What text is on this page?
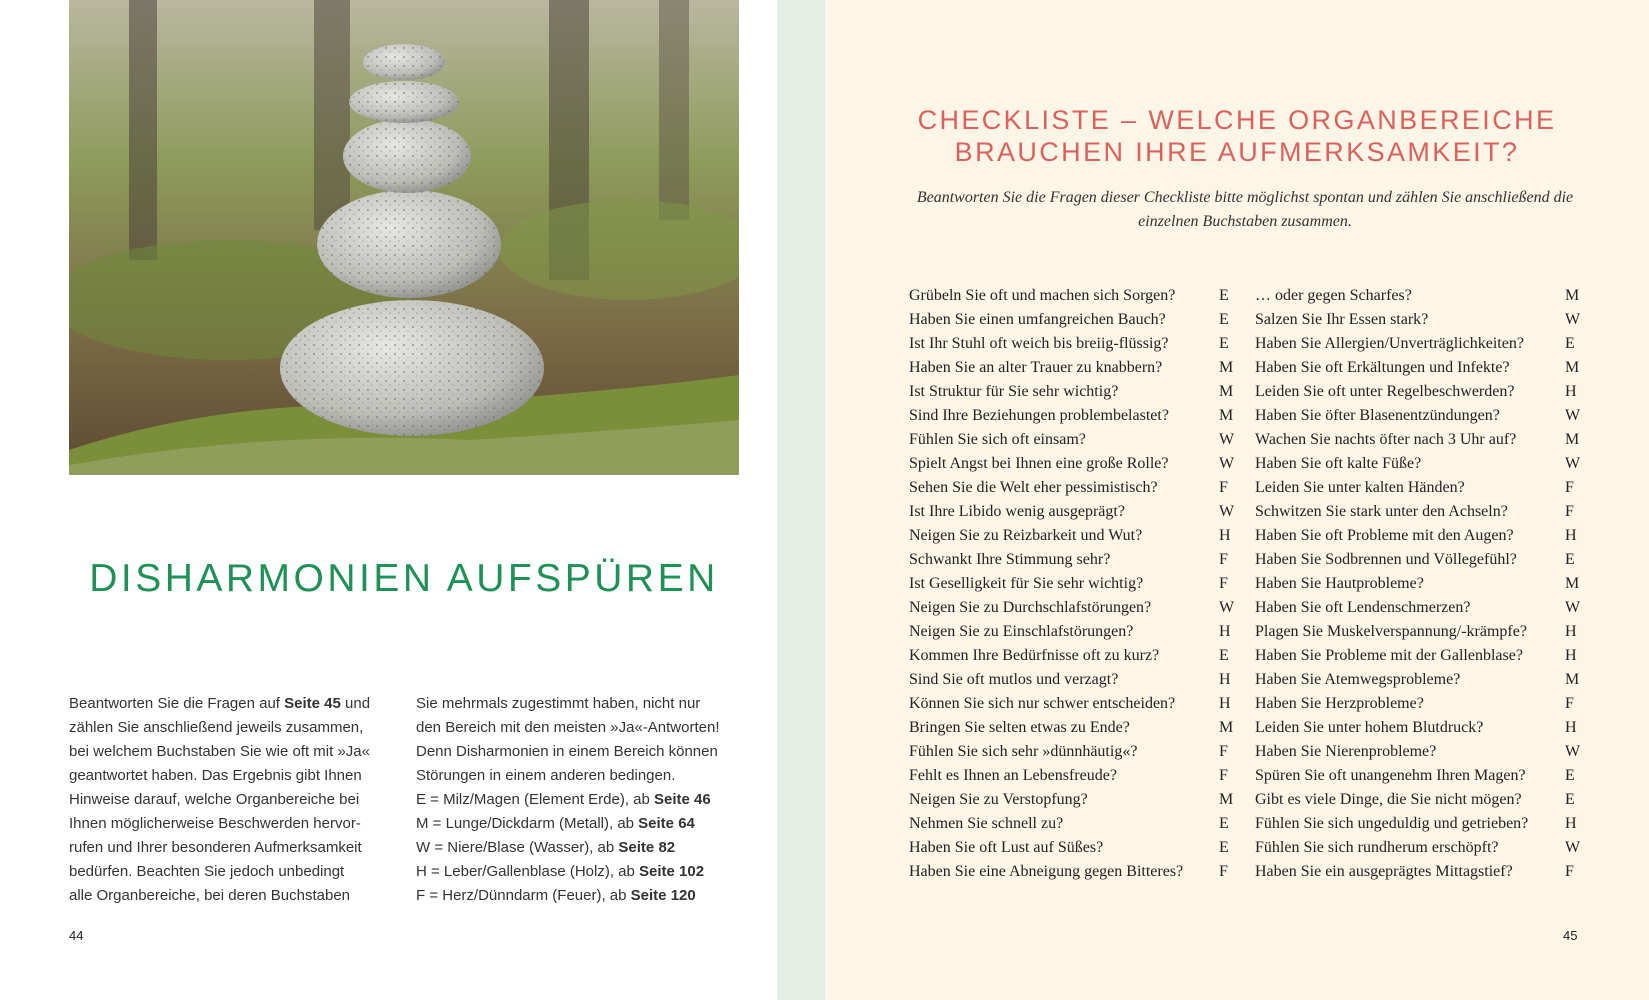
DISHARMONIEN AUFSPÜREN
Beantworten Sie die Fragen auf Seite 45 und
zählen Sie anschließend jeweils zusammen,
bei welchem Buchstaben Sie wie oft mit »Ja«
geantwortet haben. Das Ergebnis gibt Ihnen
Hinweise darauf, welche Organbereiche bei
Ihnen möglicherweise Beschwerden hervor-
rufen und Ihrer besonderen Aufmerksamkeit
bedürfen. Beachten Sie jedoch unbedingt
alle Organbereiche, bei deren Buchstaben
Sie mehrmals zugestimmt haben, nicht nur
den Bereich mit den meisten »Ja«-Antworten!
Denn Disharmonien in einem Bereich können
Störungen in einem anderen bedingen.
E = Milz/Magen (Element Erde), ab Seite 46
M = Lunge/Dickdarm (Metall), ab Seite 64
W = Niere/Blase (Wasser), ab Seite 82
H = Leber/Gallenblase (Holz), ab Seite 102
F = Herz/Dünndarm (Feuer), ab Seite 120
44
CHECKLISTE – WELCHE ORGANBEREICHE
BRAUCHEN IHRE AUFMERKSAMKEIT?

Beantworten Sie die Fragen dieser Checkliste bitte möglichst spontan und zählen Sie anschließend die einzelnen Buchstaben zusammen.

Grübeln Sie oft und machen sich Sorgen?	E
Haben Sie einen umfangreichen Bauch?	E
Ist Ihr Stuhl oft weich bis breiig-flüssig?	E
Haben Sie an alter Trauer zu knabbern?	M
Ist Struktur für Sie sehr wichtig?	M
Sind Ihre Beziehungen problembelastet?	M
Fühlen Sie sich oft einsam?	W
Spielt Angst bei Ihnen eine große Rolle?	W
Sehen Sie die Welt eher pessimistisch?	F
Ist Ihre Libido wenig ausgeprägt?	W
Neigen Sie zu Reizbarkeit und Wut?	H
Schwankt Ihre Stimmung sehr?	F
Ist Geselligkeit für Sie sehr wichtig?	F
Neigen Sie zu Durchschlafstörungen?	W
Neigen Sie zu Einschlafstörungen?	H
Kommen Ihre Bedürfnisse oft zu kurz?	E
Sind Sie oft mutlos und verzagt?	H
Können Sie sich nur schwer entscheiden?	H
Bringen Sie selten etwas zu Ende?	M
Fühlen Sie sich sehr »dünnhäutig«?	F
Fehlt es Ihnen an Lebensfreude?	F
Neigen Sie zu Verstopfung?	M
Nehmen Sie schnell zu?	E
Haben Sie oft Lust auf Süßes?	E
Haben Sie eine Abneigung gegen Bitteres? F
… oder gegen Scharfes?	M
Salzen Sie Ihr Essen stark?	W
Haben Sie Allergien/Unverträglichkeiten?	E
Haben Sie oft Erkältungen und Infekte?	M
Leiden Sie oft unter Regelbeschwerden?	H
Haben Sie öfter Blasenentzündungen?	W
Wachen Sie nachts öfter nach 3 Uhr auf?	M
Haben Sie oft kalte Füße?	W
Leiden Sie unter kalten Händen?	F
Schwitzen Sie stark unter den Achseln?	F
Haben Sie oft Probleme mit den Augen?	H
Haben Sie Sodbrennen und Völlegefühl?	E
Haben Sie Hautprobleme?	M
Haben Sie oft Lendenschmerzen?	W
Plagen Sie Muskelverspannung/-krämpfe? H
Haben Sie Probleme mit der Gallenblase?	H
Haben Sie Atemwegsprobleme?	M
Haben Sie Herzprobleme?	F
Leiden Sie unter hohem Blutdruck?	H
Haben Sie Nierenprobleme?	W
Spüren Sie oft unangenehm Ihren Magen? E
Gibt es viele Dinge, die Sie nicht mögen?	E
Fühlen Sie sich ungeduldig und getrieben? H
Fühlen Sie sich rundherum erschöpft?	W
Haben Sie ein ausgeprägtes Mittagstief?	F
45
